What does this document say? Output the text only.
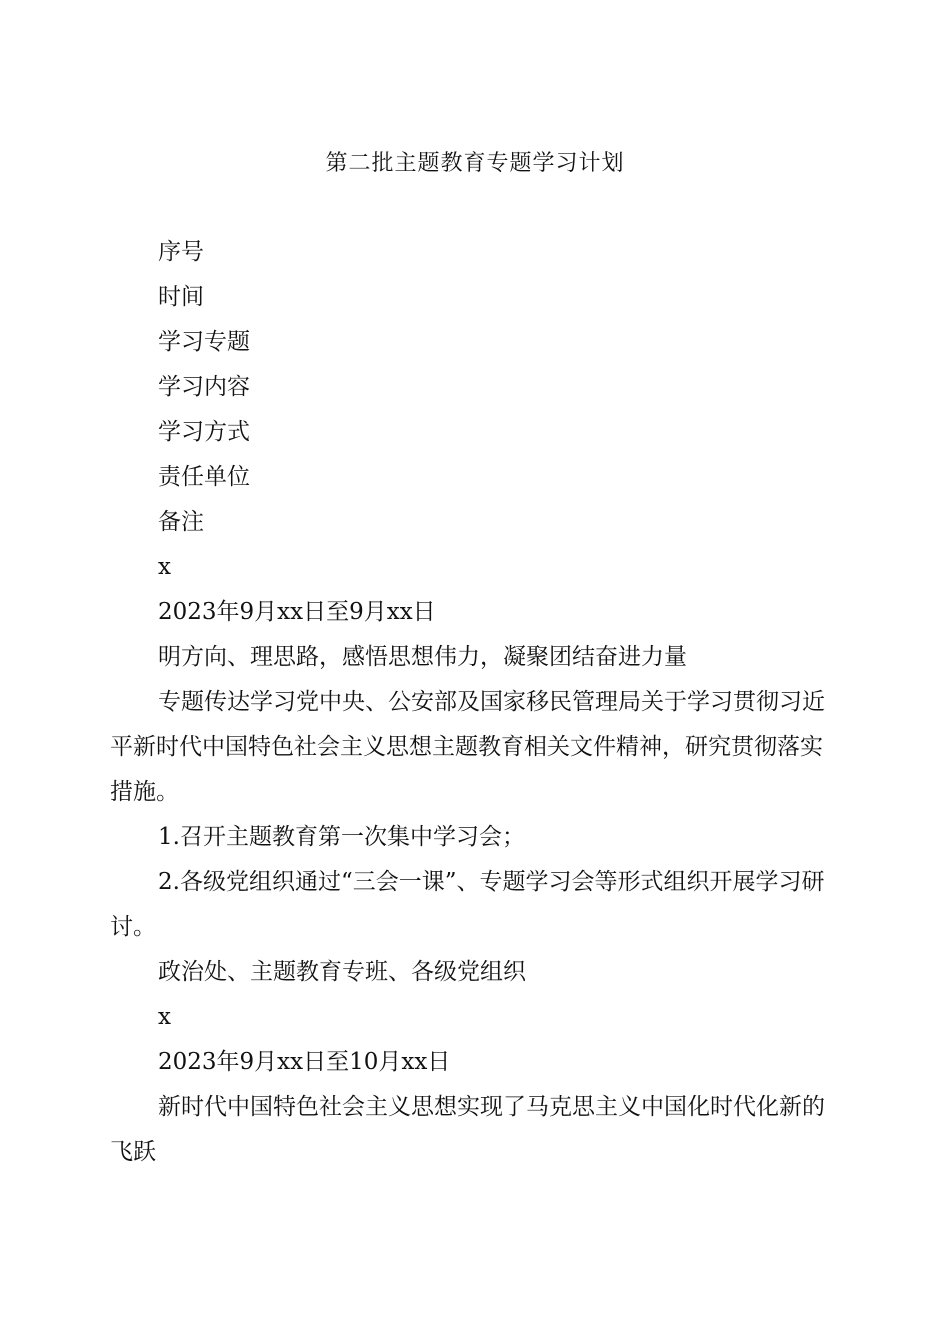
第二批主题教育专题学习计划

序号

时间

学习专题

学习内容

学习方式

责任单位

备注

x

2023年9月xx日至9月xx日

明方向、理思路，感悟思想伟力，凝聚团结奋进力量

专题传达学习党中央、公安部及国家移民管理局关于学习贯彻习近平新时代中国特色社会主义思想主题教育相关文件精神，研究贯彻落实措施。

1.召开主题教育第一次集中学习会；

2.各级党组织通过“三会一课”、专题学习会等形式组织开展学习研讨。

政治处、主题教育专班、各级党组织

x

2023年9月xx日至10月xx日

新时代中国特色社会主义思想实现了马克思主义中国化时代化新的飞跃
